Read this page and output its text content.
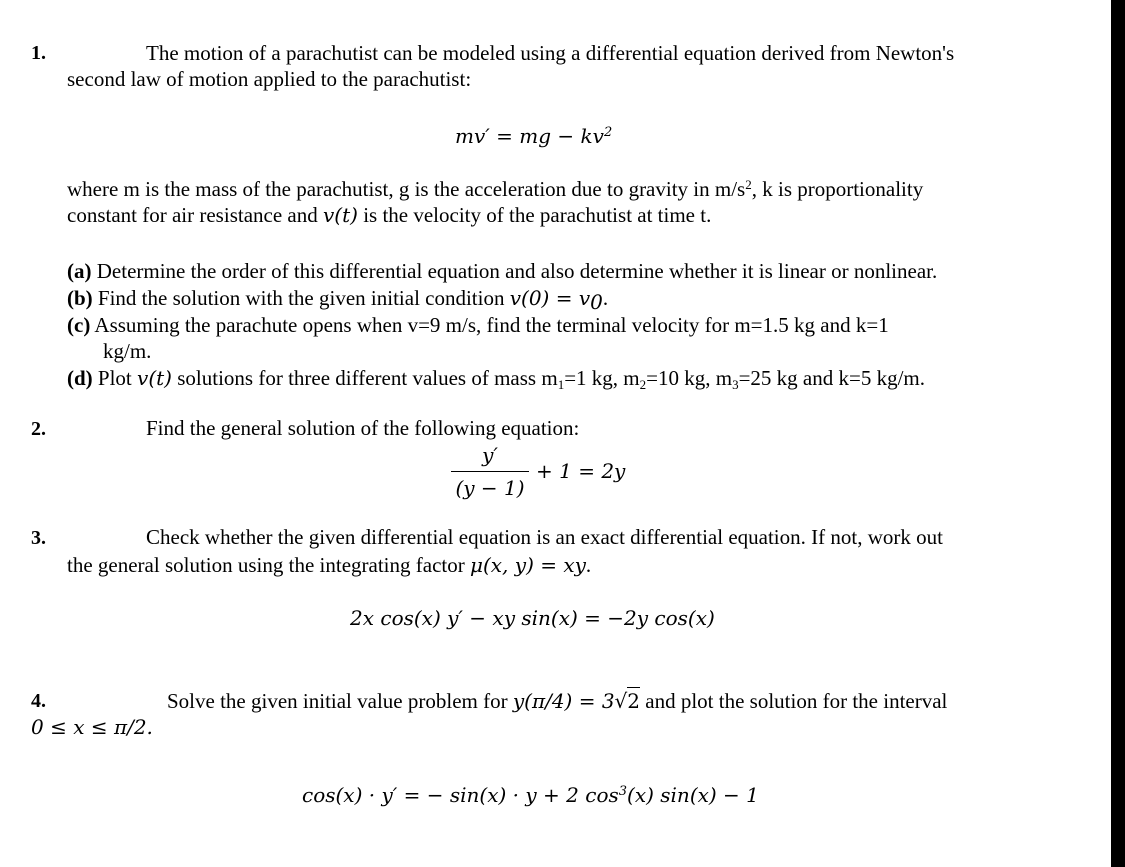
1.	The motion of a parachutist can be modeled using a differential equation derived from Newton's
second law of motion applied to the parachutist:
mv′ = mg − $kv^2$
where m is the mass of the parachutist, g is the acceleration due to gravity in $m/s^2$, k is proportionality
constant for air resistance and v(t) is the velocity of the parachutist at time t.
(a) Determine the order of this differential equation and also determine whether it is linear or nonlinear.
(b) Find the solution with the given initial condition $v(0) = v_0$.
(c) Assuming the parachute opens when v=9 m/s, find the terminal velocity for m=1.5 kg and k=1
kg/m.
(d) Plot v(t) solutions for three different values of mass $m_1=1$ kg, $m_2=10$ kg, $m_3=25$ kg and k=5 kg/m.
2.	Find the general solution of the following equation:
y′
(y − 1)
+ 1 = 2y
3.	Check whether the given differential equation is an exact differential equation. If not, work out
the general solution using the integrating factor μ(x, y) = xy.
2x cos(x) y′ − xy sin(x) = −2y cos(x)
4.	Solve the given initial value problem for y(π/4) = 3√2 and plot the solution for the interval
0 ≤ x ≤ π/2.
cos(x) · y′ = − sin(x) · y + 2 $\cos^3(x) \sin(x) - 1$
